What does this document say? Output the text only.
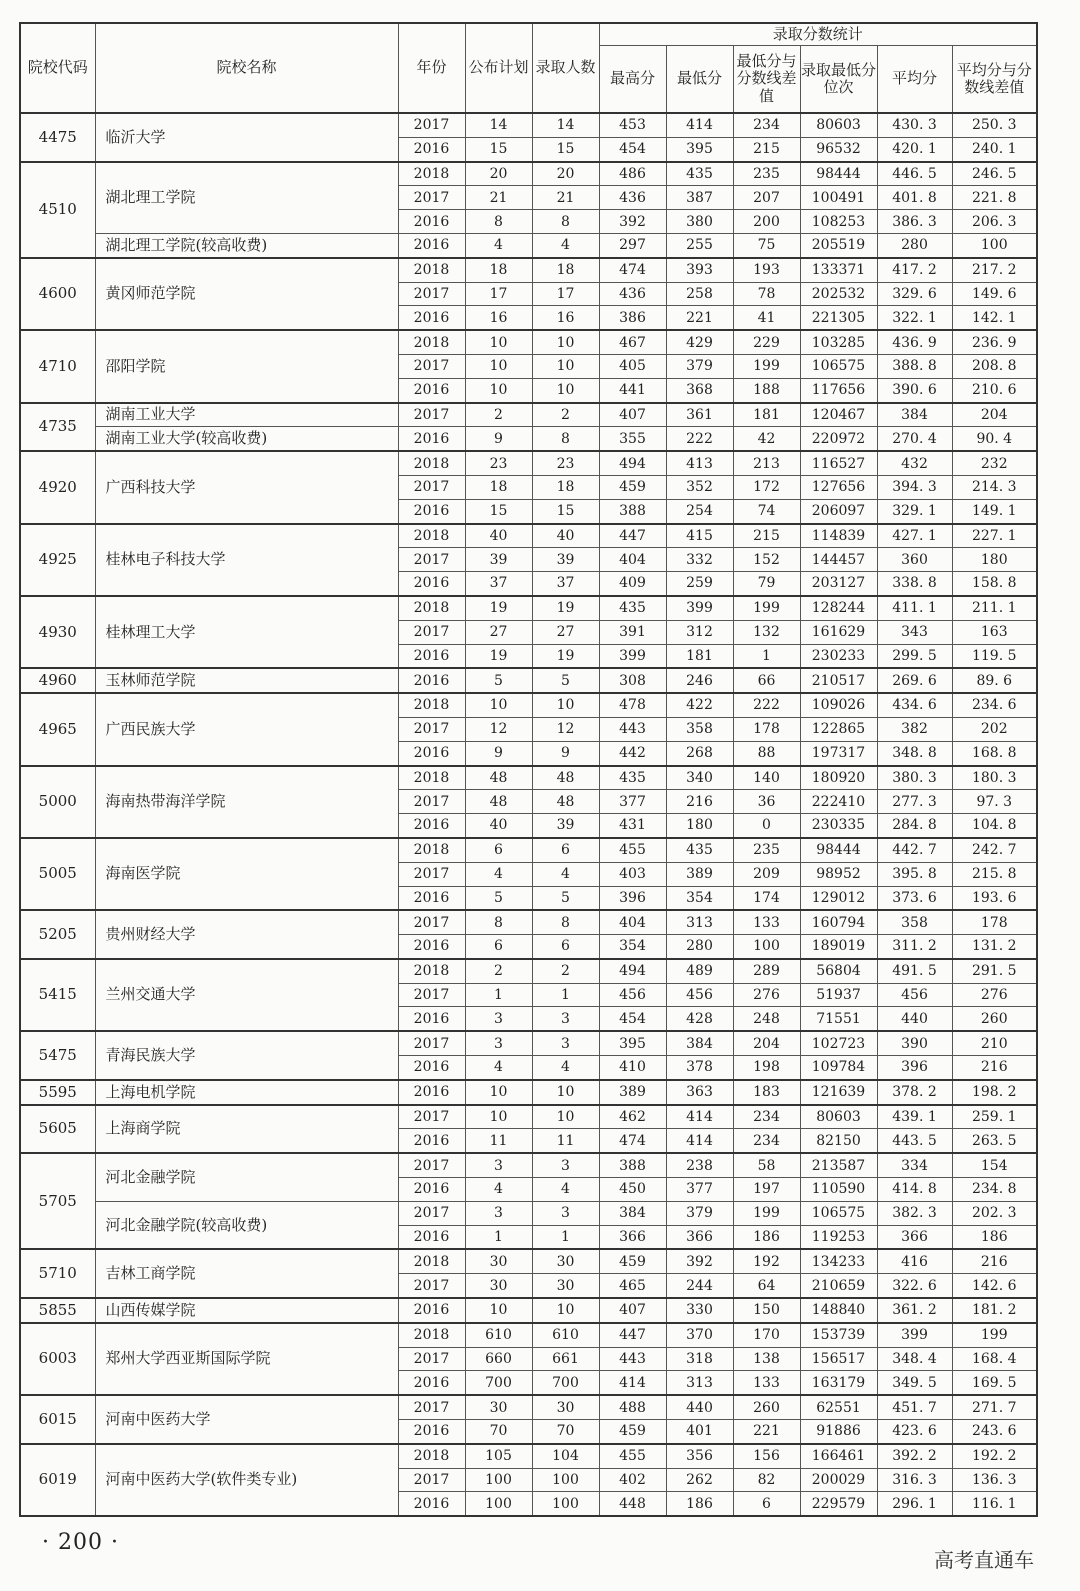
院校代码	院校名称	年份	公布计划	录取人数	录取分数统计					
					最高分	最低分	最低分与分数线差值	录取最低分位次	平均分	平均分与分数线差值
4475	临沂大学	2017	14	14	453	414	234	80603	430. 3	250. 3
		2016	15	15	454	395	215	96532	420. 1	240. 1
4510	湖北理工学院	2018	20	20	486	435	235	98444	446. 5	246. 5
		2017	21	21	436	387	207	100491	401. 8	221. 8
		2016	8	8	392	380	200	108253	386. 3	206. 3
	湖北理工学院(较高收费)	2016	4	4	297	255	75	205519	280	100
4600	黄冈师范学院	2018	18	18	474	393	193	133371	417. 2	217. 2
		2017	17	17	436	258	78	202532	329. 6	149. 6
		2016	16	16	386	221	41	221305	322. 1	142. 1
4710	邵阳学院	2018	10	10	467	429	229	103285	436. 9	236. 9
		2017	10	10	405	379	199	106575	388. 8	208. 8
		2016	10	10	441	368	188	117656	390. 6	210. 6
4735	湖南工业大学	2017	2	2	407	361	181	120467	384	204
	湖南工业大学(较高收费)	2016	9	8	355	222	42	220972	270. 4	90. 4
4920	广西科技大学	2018	23	23	494	413	213	116527	432	232
		2017	18	18	459	352	172	127656	394. 3	214. 3
		2016	15	15	388	254	74	206097	329. 1	149. 1
4925	桂林电子科技大学	2018	40	40	447	415	215	114839	427. 1	227. 1
		2017	39	39	404	332	152	144457	360	180
		2016	37	37	409	259	79	203127	338. 8	158. 8
4930	桂林理工大学	2018	19	19	435	399	199	128244	411. 1	211. 1
		2017	27	27	391	312	132	161629	343	163
		2016	19	19	399	181	1	230233	299. 5	119. 5
4960	玉林师范学院	2016	5	5	308	246	66	210517	269. 6	89. 6
4965	广西民族大学	2018	10	10	478	422	222	109026	434. 6	234. 6
		2017	12	12	443	358	178	122865	382	202
		2016	9	9	442	268	88	197317	348. 8	168. 8
5000	海南热带海洋学院	2018	48	48	435	340	140	180920	380. 3	180. 3
		2017	48	48	377	216	36	222410	277. 3	97. 3
		2016	40	39	431	180	0	230335	284. 8	104. 8
5005	海南医学院	2018	6	6	455	435	235	98444	442. 7	242. 7
		2017	4	4	403	389	209	98952	395. 8	215. 8
		2016	5	5	396	354	174	129012	373. 6	193. 6
5205	贵州财经大学	2017	8	8	404	313	133	160794	358	178
		2016	6	6	354	280	100	189019	311. 2	131. 2
5415	兰州交通大学	2018	2	2	494	489	289	56804	491. 5	291. 5
		2017	1	1	456	456	276	51937	456	276
		2016	3	3	454	428	248	71551	440	260
5475	青海民族大学	2017	3	3	395	384	204	102723	390	210
		2016	4	4	410	378	198	109784	396	216
5595	上海电机学院	2016	10	10	389	363	183	121639	378. 2	198. 2
5605	上海商学院	2017	10	10	462	414	234	80603	439. 1	259. 1
		2016	11	11	474	414	234	82150	443. 5	263. 5
5705	河北金融学院	2017	3	3	388	238	58	213587	334	154
		2016	4	4	450	377	197	110590	414. 8	234. 8
	河北金融学院(较高收费)	2017	3	3	384	379	199	106575	382. 3	202. 3
		2016	1	1	366	366	186	119253	366	186
5710	吉林工商学院	2018	30	30	459	392	192	134233	416	216
		2017	30	30	465	244	64	210659	322. 6	142. 6
5855	山西传媒学院	2016	10	10	407	330	150	148840	361. 2	181. 2
6003	郑州大学西亚斯国际学院	2018	610	610	447	370	170	153739	399	199
		2017	660	661	443	318	138	156517	348. 4	168. 4
		2016	700	700	414	313	133	163179	349. 5	169. 5
6015	河南中医药大学	2017	30	30	488	440	260	62551	451. 7	271. 7
		2016	70	70	459	401	221	91886	423. 6	243. 6
6019	河南中医药大学(软件类专业)	2018	105	104	455	356	156	166461	392. 2	192. 2
		2017	100	100	402	262	82	200029	316. 3	136. 3
		2016	100	100	448	186	6	229579	296. 1	116. 1
· 200 ·
高考直通车
